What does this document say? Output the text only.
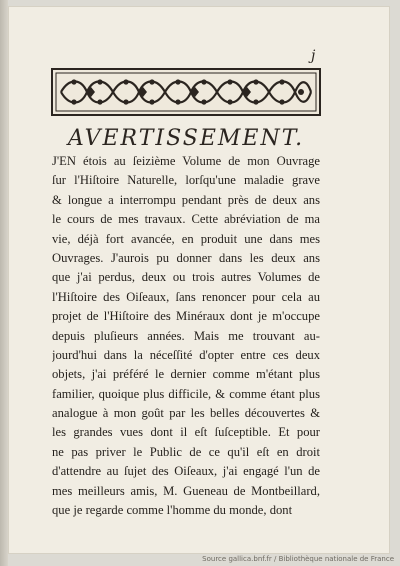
j
AVERTISSEMENT.
J'EN étois au ſeizième Volume de mon Ouvrage
ſur l'Hiſtoire Naturelle, lorſqu'une maladie grave
& longue a interrompu pendant près de deux ans
le cours de mes travaux. Cette abréviation de ma
vie, déjà fort avancée, en produit une dans mes
Ouvrages. J'aurois pu donner dans les deux ans
que j'ai perdus, deux ou trois autres Volumes de
l'Hiſtoire des Oiſeaux, ſans renoncer pour cela au
projet de l'Hiſtoire des Minéraux dont je m'occupe
depuis pluſieurs années. Mais me trouvant au-
jourd'hui dans la néceſſité d'opter entre ces deux
objets, j'ai préféré le dernier comme m'étant plus
familier, quoique plus difficile, & comme étant plus
analogue à mon goût par les belles découvertes &
les grandes vues dont il eſt ſuſceptible. Et pour
ne pas priver le Public de ce qu'il eſt en droit
d'attendre au ſujet des Oiſeaux, j'ai engagé l'un de
mes meilleurs amis, M. Gueneau de Montbeillard,
que je regarde comme l'homme du monde, dont
Source gallica.bnf.fr / Bibliothèque nationale de France
